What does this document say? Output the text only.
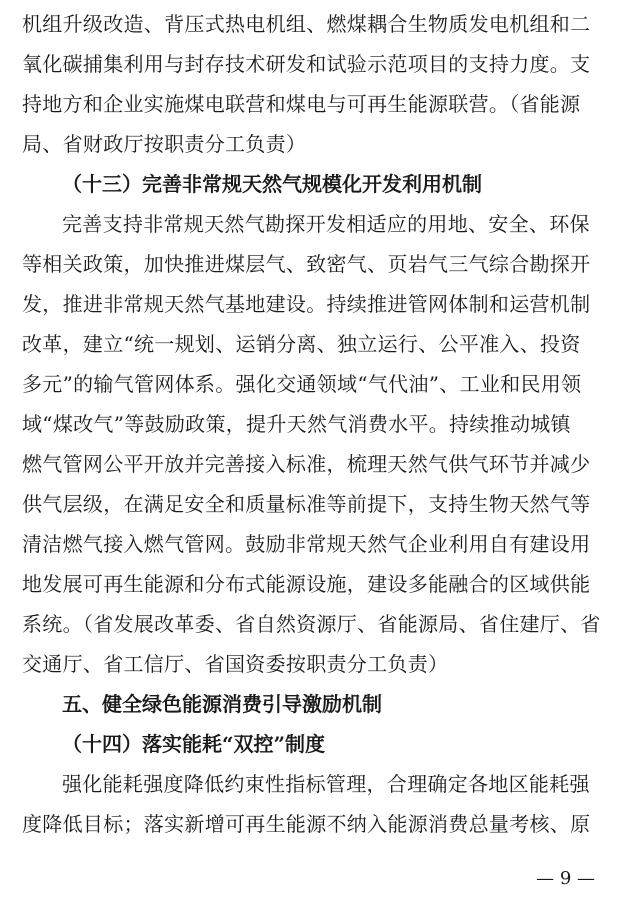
机组升级改造、背压式热电机组、燃煤耦合生物质发电机组和二
氧化碳捕集利用与封存技术研发和试验示范项目的支持力度。支
持地方和企业实施煤电联营和煤电与可再生能源联营。（省能源
局、省财政厅按职责分工负责）
（十三）完善非常规天然气规模化开发利用机制
完善支持非常规天然气勘探开发相适应的用地、安全、环保
等相关政策，加快推进煤层气、致密气、页岩气三气综合勘探开
发，推进非常规天然气基地建设。持续推进管网体制和运营机制
改革，建立“统一规划、运销分离、独立运行、公平准入、投资
多元”的输气管网体系。强化交通领域“气代油”、工业和民用领
域“煤改气”等鼓励政策，提升天然气消费水平。持续推动城镇
燃气管网公平开放并完善接入标准，梳理天然气供气环节并减少
供气层级，在满足安全和质量标准等前提下，支持生物天然气等
清洁燃气接入燃气管网。鼓励非常规天然气企业利用自有建设用
地发展可再生能源和分布式能源设施，建设多能融合的区域供能
系统。（省发展改革委、省自然资源厅、省能源局、省住建厅、省
交通厅、省工信厅、省国资委按职责分工负责）
五、健全绿色能源消费引导激励机制
（十四）落实能耗“双控”制度
强化能耗强度降低约束性指标管理，合理确定各地区能耗强
度降低目标；落实新增可再生能源不纳入能源消费总量考核、原
— 9 —
